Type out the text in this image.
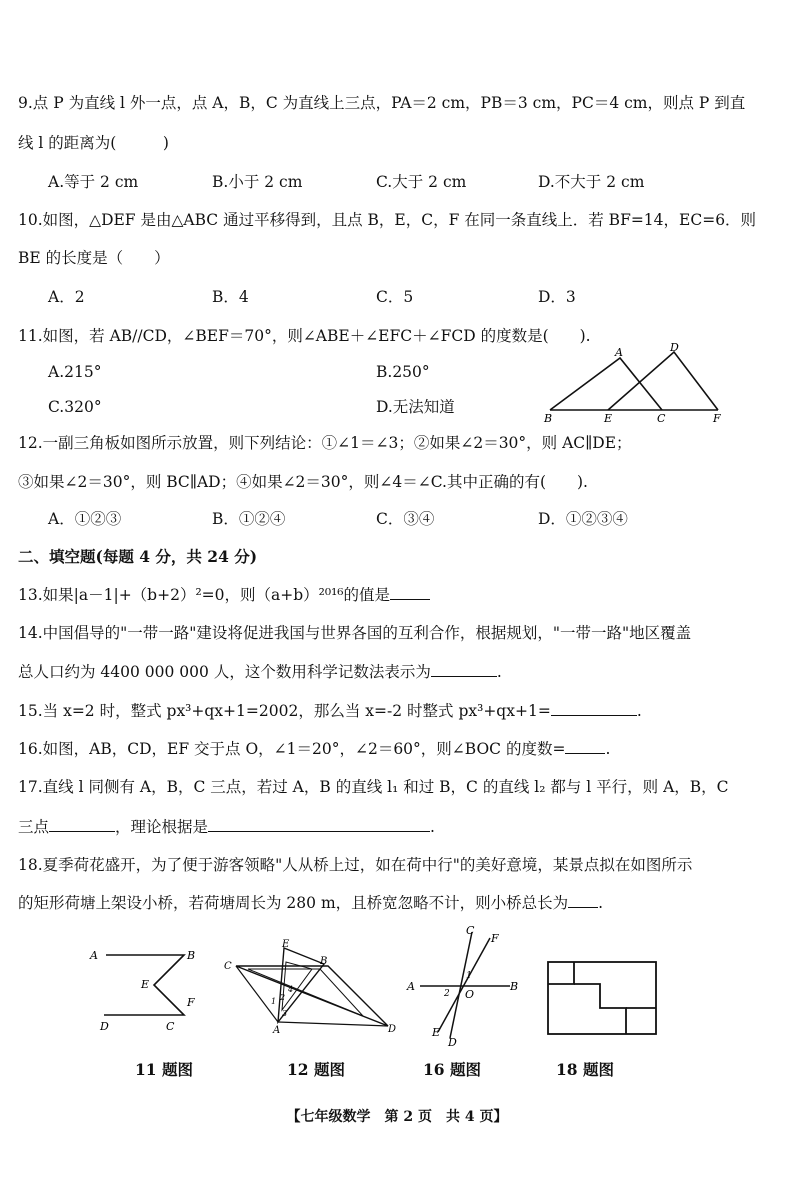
9.点 P 为直线 l 外一点，点 A，B，C 为直线上三点，PA＝2 cm，PB＝3 cm，PC＝4 cm，则点 P 到直
线 l 的距离为(　　　)
A.等于 2 cm	B.小于 2 cm	C.大于 2 cm	D.不大于 2 cm
10.如图，△DEF 是由△ABC 通过平移得到，且点 B，E，C，F 在同一条直线上．若 BF=14，EC=6．则
BE 的长度是（　　）
A．2	B．4	C．5	D．3
11.如图，若 AB//CD，∠BEF＝70°，则∠ABE＋∠EFC＋∠FCD 的度数是(　　).
A.215°	B.250°
C.320°	D.无法知道
A	D
B	E	C	F
12.一副三角板如图所示放置，则下列结论：①∠1＝∠3；②如果∠2＝30°，则 AC∥DE；
③如果∠2＝30°，则 BC∥AD；④如果∠2＝30°，则∠4＝∠C.其中正确的有(　　).
A．①②③	B．①②④	C．③④	D．①②③④
二、填空题(每题 4 分，共 24 分)
13.如果|a－1|+（b+2）²=0，则（a+b）²⁰¹⁶的值是
14.中国倡导的"一带一路"建设将促进我国与世界各国的互利合作，根据规划，"一带一路"地区覆盖
总人口约为 4400 000 000 人，这个数用科学记数法表示为	.
15.当 x=2 时，整式 px³+qx+1=2002，那么当 x=-2 时整式 px³+qx+1=	.
16.如图，AB，CD，EF 交于点 O，∠1＝20°，∠2＝60°，则∠BOC 的度数=	.
17.直线 l 同侧有 A，B，C 三点，若过 A，B 的直线 l₁ 和过 B，C 的直线 l₂ 都与 l 平行，则 A，B，C
三点	，理论根据是	.
18.夏季荷花盛开，为了便于游客领略"人从桥上过，如在荷中行"的美好意境，某景点拟在如图所示
的矩形荷塘上架设小桥，若荷塘周长为 280 m，且桥宽忽略不计，则小桥总长为 .
A	B
E
F
D	C
E
C	B
A	D
1 2
3
4
C
F
A	B
O
E
D
1
2
11 题图	12 题图	16 题图	18 题图
【七年级数学　第 2 页　共 4 页】
